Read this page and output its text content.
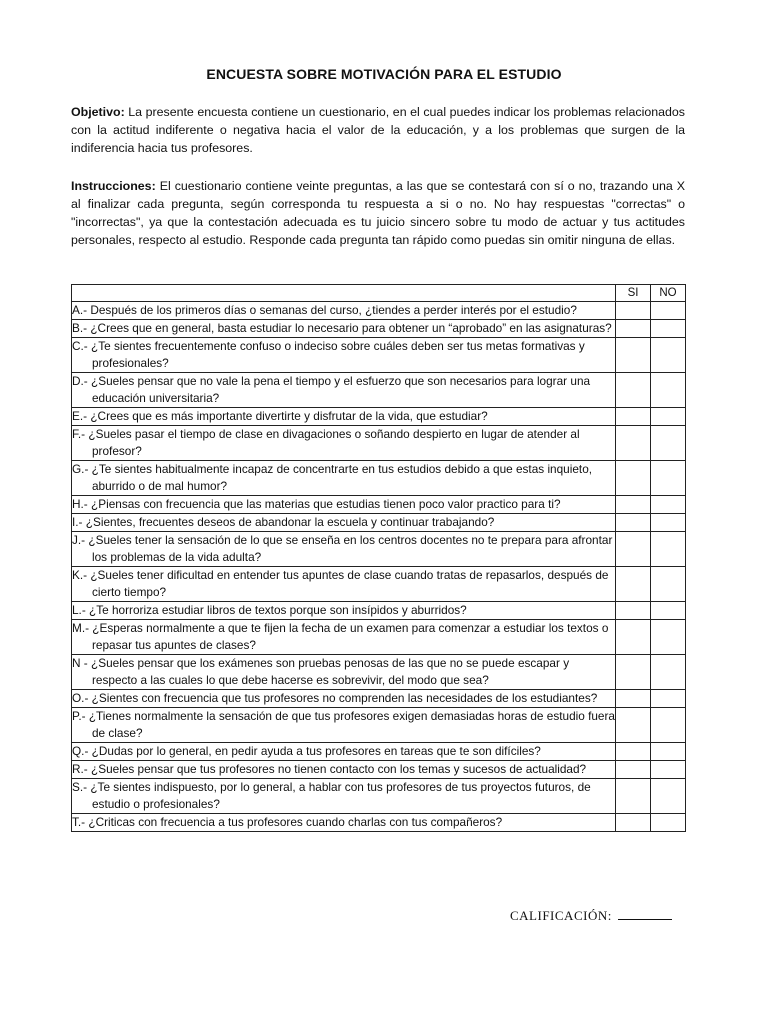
ENCUESTA SOBRE MOTIVACIÓN PARA EL ESTUDIO
Objetivo: La presente encuesta contiene un cuestionario, en el cual puedes indicar los problemas relacionados con la actitud indiferente o negativa hacia el valor de la educación, y a los problemas que surgen de la indiferencia hacia tus profesores.
Instrucciones: El cuestionario contiene veinte preguntas, a las que se contestará con sí o no, trazando una X al finalizar cada pregunta, según corresponda tu respuesta a si o no. No hay respuestas "correctas" o "incorrectas", ya que la contestación adecuada es tu juicio sincero sobre tu modo de actuar y tus actitudes personales, respecto al estudio. Responde cada pregunta tan rápido como puedas sin omitir ninguna de ellas.
	SI	NO

A.- Después de los primeros días o semanas del curso, ¿tiendes a perder interés por el estudio?		

B.- ¿Crees que en general, basta estudiar lo necesario para obtener un “aprobado” en las asignaturas?		

C.- ¿Te sientes frecuentemente confuso o indeciso sobre cuáles deben ser tus metas formativas y profesionales?		

D.- ¿Sueles pensar que no vale la pena el tiempo y el esfuerzo que son necesarios para lograr una educación universitaria?		

E.- ¿Crees que es más importante divertirte y disfrutar de la vida, que estudiar?		

F.- ¿Sueles pasar el tiempo de clase en divagaciones o soñando despierto en lugar de atender al profesor?		

G.- ¿Te sientes habitualmente incapaz de concentrarte en tus estudios debido a que estas inquieto, aburrido o de mal humor?		

H.- ¿Piensas con frecuencia que las materias que estudias tienen poco valor practico para ti?		

I.- ¿Sientes, frecuentes deseos de abandonar la escuela y continuar trabajando?		

J.- ¿Sueles tener la sensación de lo que se enseña en los centros docentes no te prepara para afrontar los problemas de la vida adulta?		

K.- ¿Sueles tener dificultad en entender tus apuntes de clase cuando tratas de repasarlos, después de cierto tiempo?		

L.- ¿Te horroriza estudiar libros de textos porque son insípidos y aburridos?		

M.- ¿Esperas normalmente a que te fijen la fecha de un examen para comenzar a estudiar los textos o repasar tus apuntes de clases?		

N - ¿Sueles pensar que los exámenes son pruebas penosas de las que no se puede escapar y respecto a las cuales lo que debe hacerse es sobrevivir, del modo que sea?		

O.- ¿Sientes con frecuencia que tus profesores no comprenden las necesidades de los estudiantes?		

P.- ¿Tienes normalmente la sensación de que tus profesores exigen demasiadas horas de estudio fuera de clase?		

Q.- ¿Dudas por lo general, en pedir ayuda a tus profesores en tareas que te son difíciles?		

R.- ¿Sueles pensar que tus profesores no tienen contacto con los temas y sucesos de actualidad?		

S.- ¿Te sientes indispuesto, por lo general, a hablar con tus profesores de tus proyectos futuros, de estudio o profesionales?		

T.- ¿Criticas con frecuencia a tus profesores cuando charlas con tus compañeros?		

CALIFICACIÓN:
